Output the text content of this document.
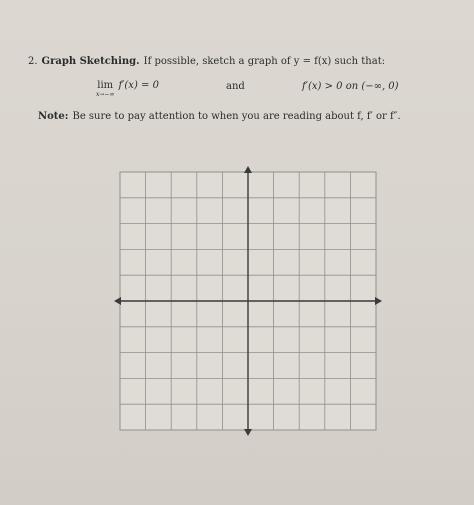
2. Graph Sketching. If possible, sketch a graph of y = f(x) such that:
lim
x→−∞
f′(x) = 0	and	f′(x) > 0 on (−∞, 0)
Note: Be sure to pay attention to when you are reading about f, f′ or f″.
